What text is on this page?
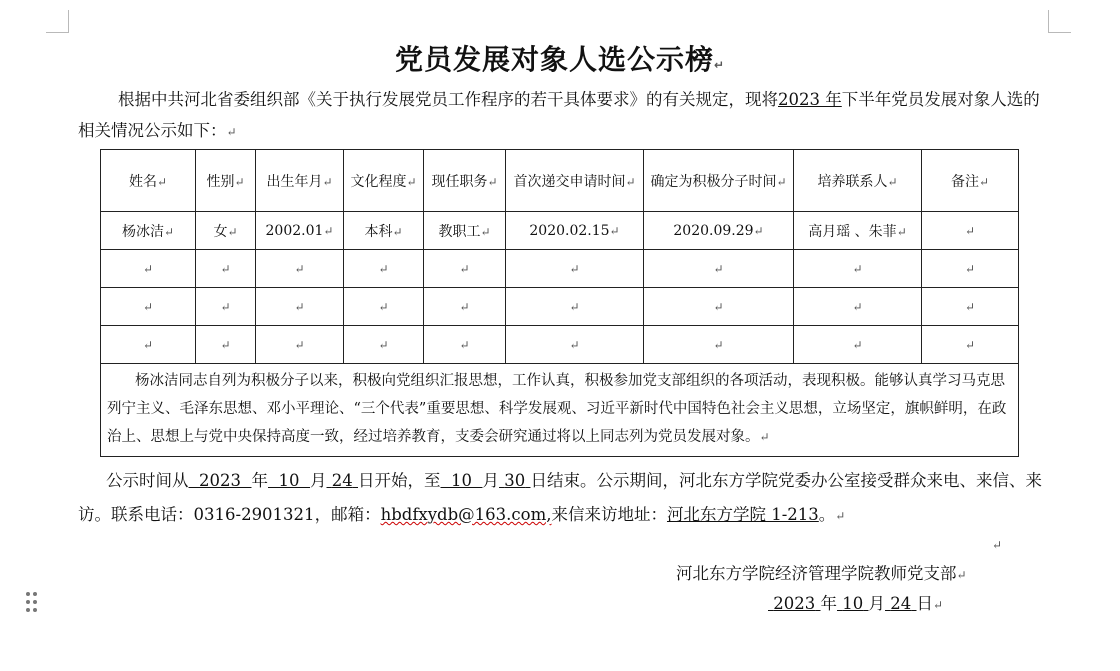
党员发展对象人选公示榜↵
根据中共河北省委组织部《关于执行发展党员工作程序的若干具体要求》的有关规定，现将2023 年下半年党员发展对象人选的相关情况公示如下：↵
姓名↵	性别↵	出生年月↵	文化程度↵	现任职务↵	首次递交申请时间↵	确定为积极分子时间↵	培养联系人↵	备注↵
杨冰洁↵	女↵	2002.01↵	本科↵	教职工↵	2020.02.15↵	2020.09.29↵	高月瑶 、朱菲↵	↵
↵	↵	↵	↵	↵	↵	↵	↵	↵
↵	↵	↵	↵	↵	↵	↵	↵	↵
↵	↵	↵	↵	↵	↵	↵	↵	↵
杨冰洁同志自列为积极分子以来，积极向党组织汇报思想，工作认真，积极参加党支部组织的各项活动，表现积极。能够认真学习马克思列宁主义、毛泽东思想、邓小平理论、“三个代表”重要思想、科学发展观、习近平新时代中国特色社会主义思想，立场坚定，旗帜鲜明，在政治上、思想上与党中央保持高度一致，经过培养教育，支委会研究通过将以上同志列为党员发展对象。↵								
公示时间从 2023 年 10 月 24 日开始，至 10 月 30 日结束。公示期间，河北东方学院党委办公室接受群众来电、来信、来访。联系电话：0316-2901321，邮箱：hbdfxydb@163.com,来信来访地址：河北东方学院 1-213。↵
↵
河北东方学院经济管理学院教师党支部↵
2023 年 10 月 24 日↵
